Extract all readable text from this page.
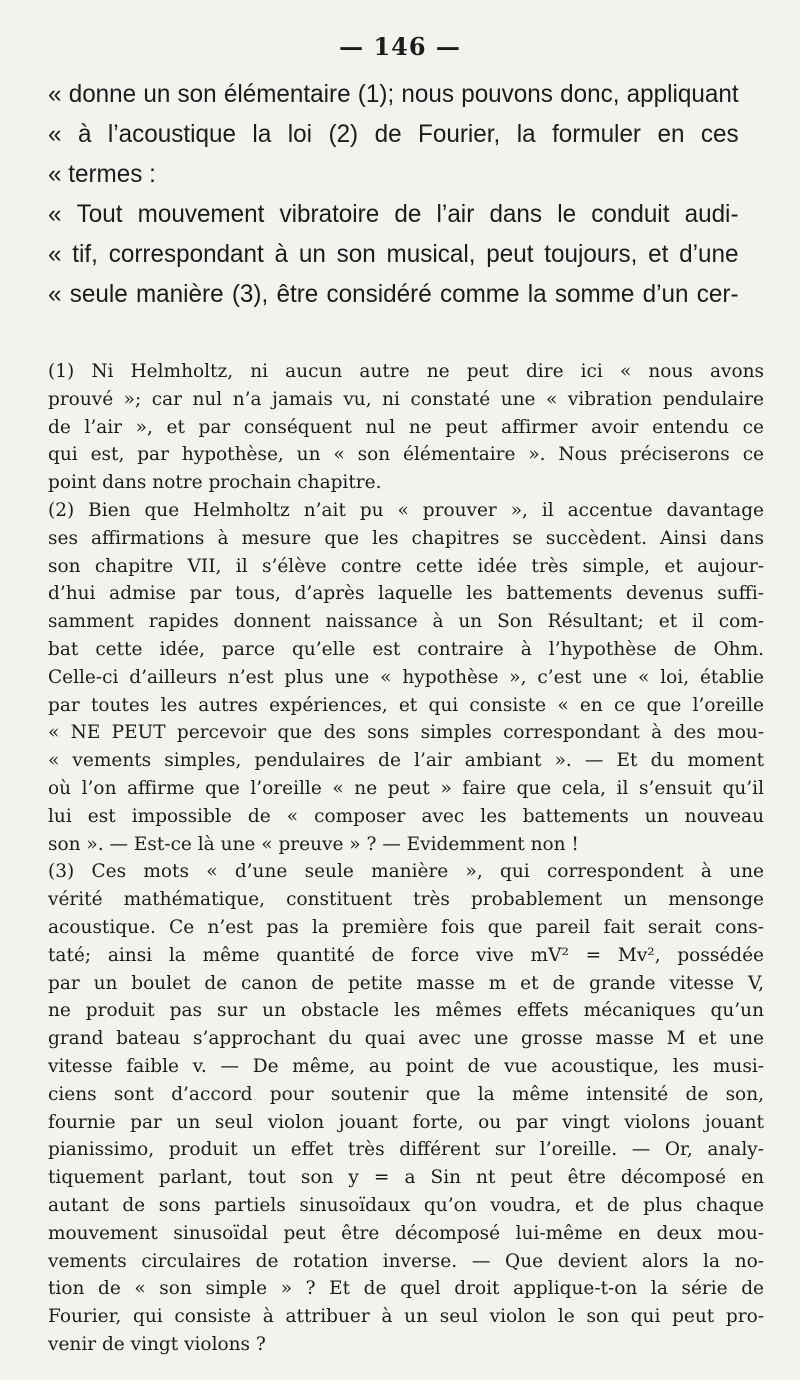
— 146 —
« donne un son élémentaire (1); nous pouvons donc, appliquant
« à l’acoustique la loi (2) de Fourier, la formuler en ces
« termes :
« Tout mouvement vibratoire de l’air dans le conduit audi-
« tif, correspondant à un son musical, peut toujours, et d’une
« seule manière (3), être considéré comme la somme d’un cer-
(1) Ni Helmholtz, ni aucun autre ne peut dire ici « nous avons
prouvé »; car nul n’a jamais vu, ni constaté une « vibration pendulaire
de l’air », et par conséquent nul ne peut affirmer avoir entendu ce
qui est, par hypothèse, un « son élémentaire ». Nous préciserons ce
point dans notre prochain chapitre.
(2) Bien que Helmholtz n’ait pu « prouver », il accentue davantage
ses affirmations à mesure que les chapitres se succèdent. Ainsi dans
son chapitre VII, il s’élève contre cette idée très simple, et aujour-
d’hui admise par tous, d’après laquelle les battements devenus suffi-
samment rapides donnent naissance à un Son Résultant; et il com-
bat cette idée, parce qu’elle est contraire à l’hypothèse de Ohm.
Celle-ci d’ailleurs n’est plus une « hypothèse », c’est une « loi, établie
par toutes les autres expériences, et qui consiste « en ce que l’oreille
« NE PEUT percevoir que des sons simples correspondant à des mou-
« vements simples, pendulaires de l’air ambiant ». — Et du moment
où l’on affirme que l’oreille « ne peut » faire que cela, il s’ensuit qu’il
lui est impossible de « composer avec les battements un nouveau
son ». — Est-ce là une « preuve » ? — Evidemment non !
(3) Ces mots « d’une seule manière », qui correspondent à une
vérité mathématique, constituent très probablement un mensonge
acoustique. Ce n’est pas la première fois que pareil fait serait cons-
taté; ainsi la même quantité de force vive mV² = Mv², possédée
par un boulet de canon de petite masse m et de grande vitesse V,
ne produit pas sur un obstacle les mêmes effets mécaniques qu’un
grand bateau s’approchant du quai avec une grosse masse M et une
vitesse faible v. — De même, au point de vue acoustique, les musi-
ciens sont d’accord pour soutenir que la même intensité de son,
fournie par un seul violon jouant forte, ou par vingt violons jouant
pianissimo, produit un effet très différent sur l’oreille. — Or, analy-
tiquement parlant, tout son y = a Sin nt peut être décomposé en
autant de sons partiels sinusoïdaux qu’on voudra, et de plus chaque
mouvement sinusoïdal peut être décomposé lui-même en deux mou-
vements circulaires de rotation inverse. — Que devient alors la no-
tion de « son simple » ? Et de quel droit applique-t-on la série de
Fourier, qui consiste à attribuer à un seul violon le son qui peut pro-
venir de vingt violons ?
